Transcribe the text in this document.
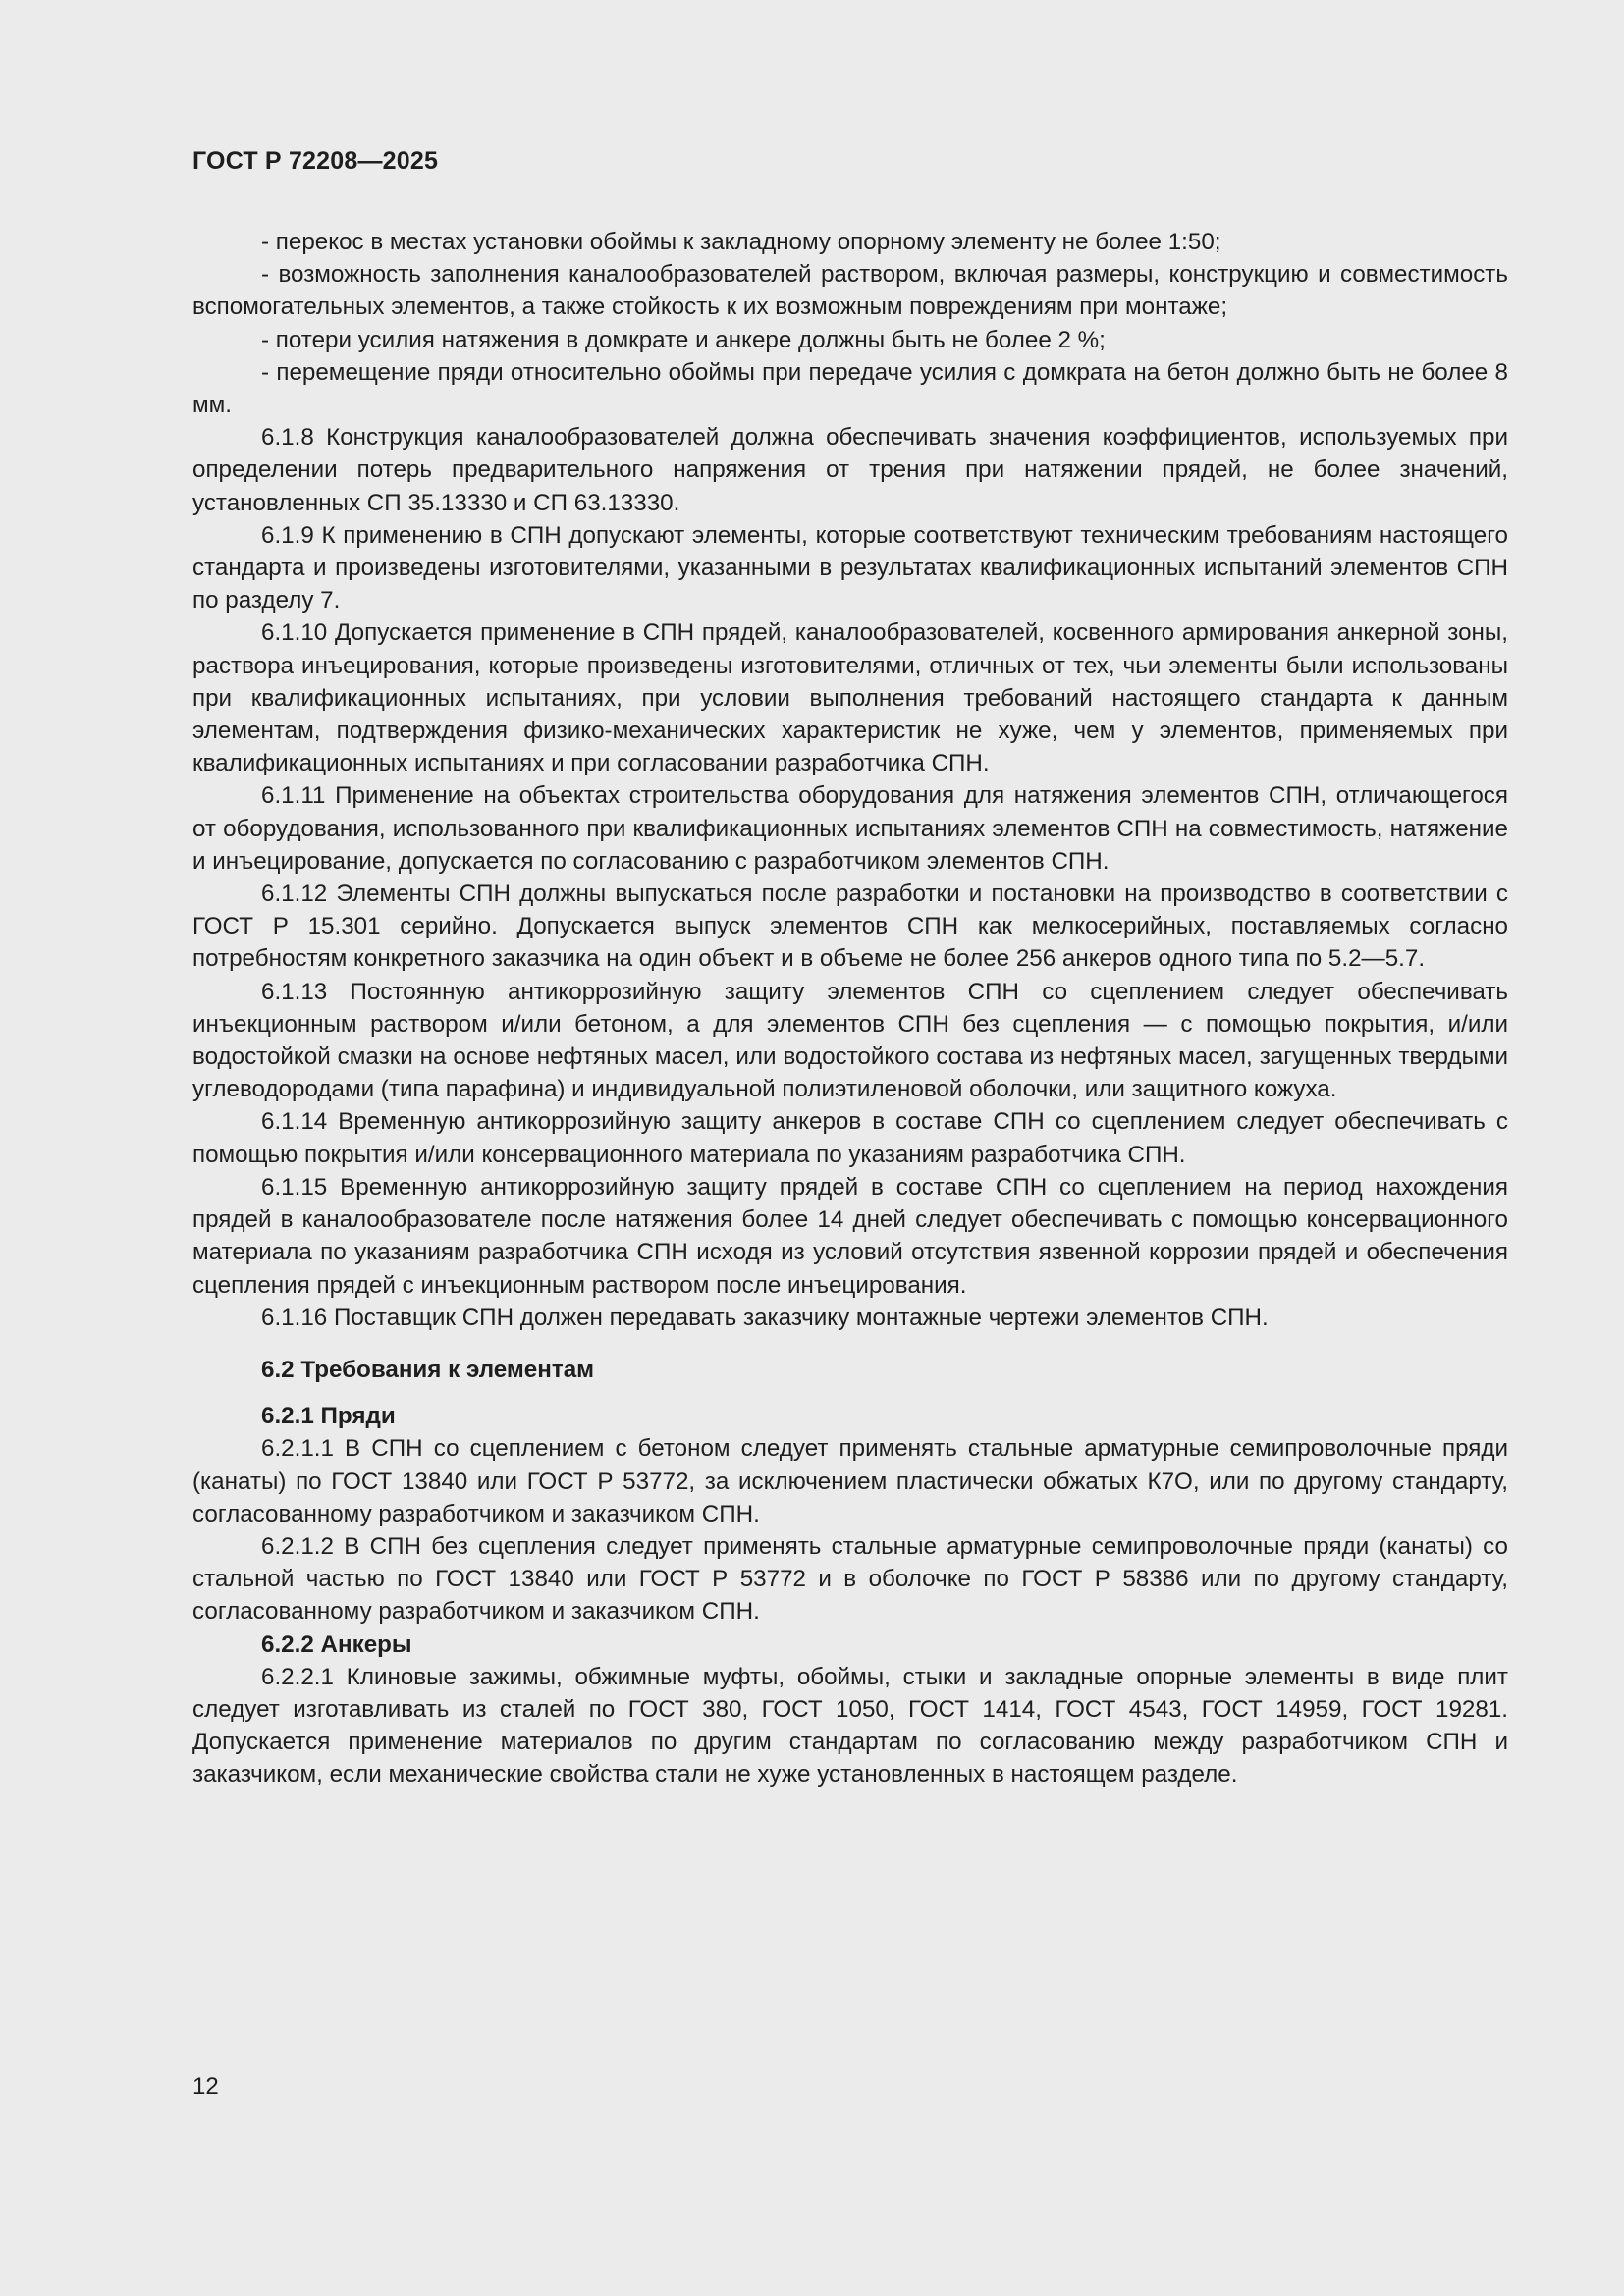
ГОСТ Р 72208—2025
- перекос в местах установки обоймы к закладному опорному элементу не более 1:50;
- возможность заполнения каналообразователей раствором, включая размеры, конструкцию и совместимость вспомогательных элементов, а также стойкость к их возможным повреждениям при монтаже;
- потери усилия натяжения в домкрате и анкере должны быть не более 2 %;
- перемещение пряди относительно обоймы при передаче усилия с домкрата на бетон должно быть не более 8 мм.
6.1.8 Конструкция каналообразователей должна обеспечивать значения коэффициентов, используемых при определении потерь предварительного напряжения от трения при натяжении прядей, не более значений, установленных СП 35.13330 и СП 63.13330.
6.1.9 К применению в СПН допускают элементы, которые соответствуют техническим требованиям настоящего стандарта и произведены изготовителями, указанными в результатах квалификационных испытаний элементов СПН по разделу 7.
6.1.10 Допускается применение в СПН прядей, каналообразователей, косвенного армирования анкерной зоны, раствора инъецирования, которые произведены изготовителями, отличных от тех, чьи элементы были использованы при квалификационных испытаниях, при условии выполнения требований настоящего стандарта к данным элементам, подтверждения физико-механических характеристик не хуже, чем у элементов, применяемых при квалификационных испытаниях и при согласовании разработчика СПН.
6.1.11 Применение на объектах строительства оборудования для натяжения элементов СПН, отличающегося от оборудования, использованного при квалификационных испытаниях элементов СПН на совместимость, натяжение и инъецирование, допускается по согласованию с разработчиком элементов СПН.
6.1.12 Элементы СПН должны выпускаться после разработки и постановки на производство в соответствии с ГОСТ Р 15.301 серийно. Допускается выпуск элементов СПН как мелкосерийных, поставляемых согласно потребностям конкретного заказчика на один объект и в объеме не более 256 анкеров одного типа по 5.2—5.7.
6.1.13 Постоянную антикоррозийную защиту элементов СПН со сцеплением следует обеспечивать инъекционным раствором и/или бетоном, а для элементов СПН без сцепления — с помощью покрытия, и/или водостойкой смазки на основе нефтяных масел, или водостойкого состава из нефтяных масел, загущенных твердыми углеводородами (типа парафина) и индивидуальной полиэтиленовой оболочки, или защитного кожуха.
6.1.14 Временную антикоррозийную защиту анкеров в составе СПН со сцеплением следует обеспечивать с помощью покрытия и/или консервационного материала по указаниям разработчика СПН.
6.1.15 Временную антикоррозийную защиту прядей в составе СПН со сцеплением на период нахождения прядей в каналообразователе после натяжения более 14 дней следует обеспечивать с помощью консервационного материала по указаниям разработчика СПН исходя из условий отсутствия язвенной коррозии прядей и обеспечения сцепления прядей с инъекционным раствором после инъецирования.
6.1.16 Поставщик СПН должен передавать заказчику монтажные чертежи элементов СПН.
6.2 Требования к элементам
6.2.1 Пряди
6.2.1.1 В СПН со сцеплением с бетоном следует применять стальные арматурные семипроволочные пряди (канаты) по ГОСТ 13840 или ГОСТ Р 53772, за исключением пластически обжатых К7О, или по другому стандарту, согласованному разработчиком и заказчиком СПН.
6.2.1.2 В СПН без сцепления следует применять стальные арматурные семипроволочные пряди (канаты) со стальной частью по ГОСТ 13840 или ГОСТ Р 53772 и в оболочке по ГОСТ Р 58386 или по другому стандарту, согласованному разработчиком и заказчиком СПН.
6.2.2 Анкеры
6.2.2.1 Клиновые зажимы, обжимные муфты, обоймы, стыки и закладные опорные элементы в виде плит следует изготавливать из сталей по ГОСТ 380, ГОСТ 1050, ГОСТ 1414, ГОСТ 4543, ГОСТ 14959, ГОСТ 19281. Допускается применение материалов по другим стандартам по согласованию между разработчиком СПН и заказчиком, если механические свойства стали не хуже установленных в настоящем разделе.
12
